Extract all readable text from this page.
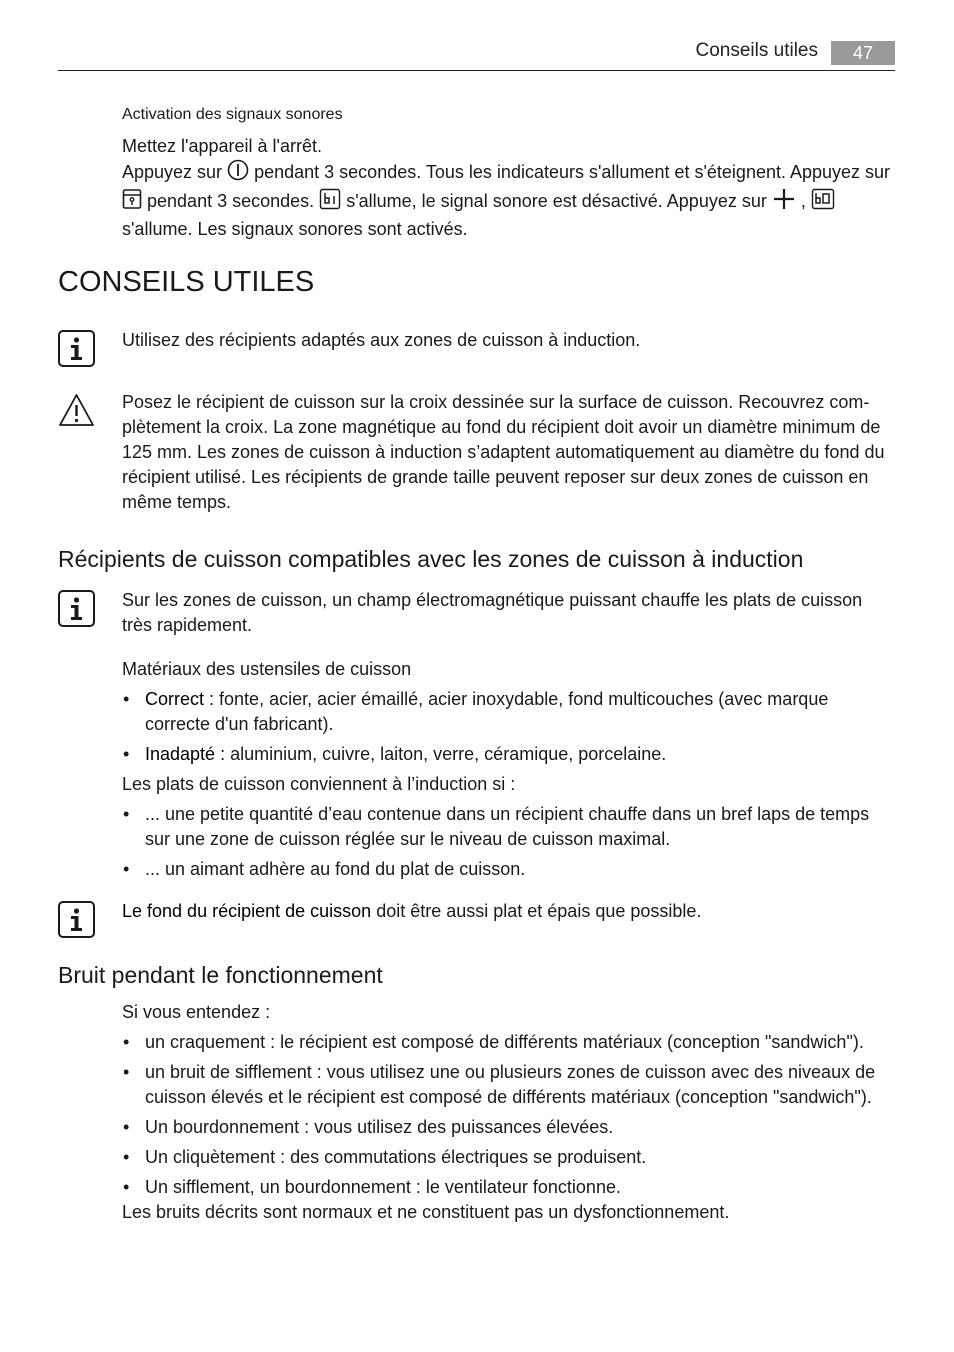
Conseils utiles	47
Activation des signaux sonores
Mettez l'appareil à l'arrêt.
Appuyez sur pendant 3 secondes. Tous les indicateurs s'allument et s'éteignent. Appuyez sur  pendant 3 secondes. s'allume, le signal sonore est désactivé. Appuyez sur ,  s'allume. Les signaux sonores sont activés.
CONSEILS UTILES
Utilisez des récipients adaptés aux zones de cuisson à induction.
Posez le récipient de cuisson sur la croix dessinée sur la surface de cuisson. Recouvrez complètement la croix. La zone magnétique au fond du récipient doit avoir un diamètre minimum de 125 mm. Les zones de cuisson à induction s’adaptent automatiquement au diamètre du fond du récipient utilisé. Les récipients de grande taille peuvent reposer sur deux zones de cuisson en même temps.
Récipients de cuisson compatibles avec les zones de cuisson à induction
Sur les zones de cuisson, un champ électromagnétique puissant chauffe les plats de cuisson très rapidement.
Matériaux des ustensiles de cuisson
• Correct : fonte, acier, acier émaillé, acier inoxydable, fond multicouches (avec marque correcte d'un fabricant).
• Inadapté : aluminium, cuivre, laiton, verre, céramique, porcelaine.
Les plats de cuisson conviennent à l’induction si :
• ... une petite quantité d’eau contenue dans un récipient chauffe dans un bref laps de temps sur une zone de cuisson réglée sur le niveau de cuisson maximal.
• ... un aimant adhère au fond du plat de cuisson.
Le fond du récipient de cuisson doit être aussi plat et épais que possible.
Bruit pendant le fonctionnement
Si vous entendez :
• un craquement : le récipient est composé de différents matériaux (conception "sandwich").
• un bruit de sifflement : vous utilisez une ou plusieurs zones de cuisson avec des niveaux de cuisson élevés et le récipient est composé de différents matériaux (conception "sandwich").
• Un bourdonnement : vous utilisez des puissances élevées.
• Un cliquètement : des commutations électriques se produisent.
• Un sifflement, un bourdonnement : le ventilateur fonctionne.
Les bruits décrits sont normaux et ne constituent pas un dysfonctionnement.
